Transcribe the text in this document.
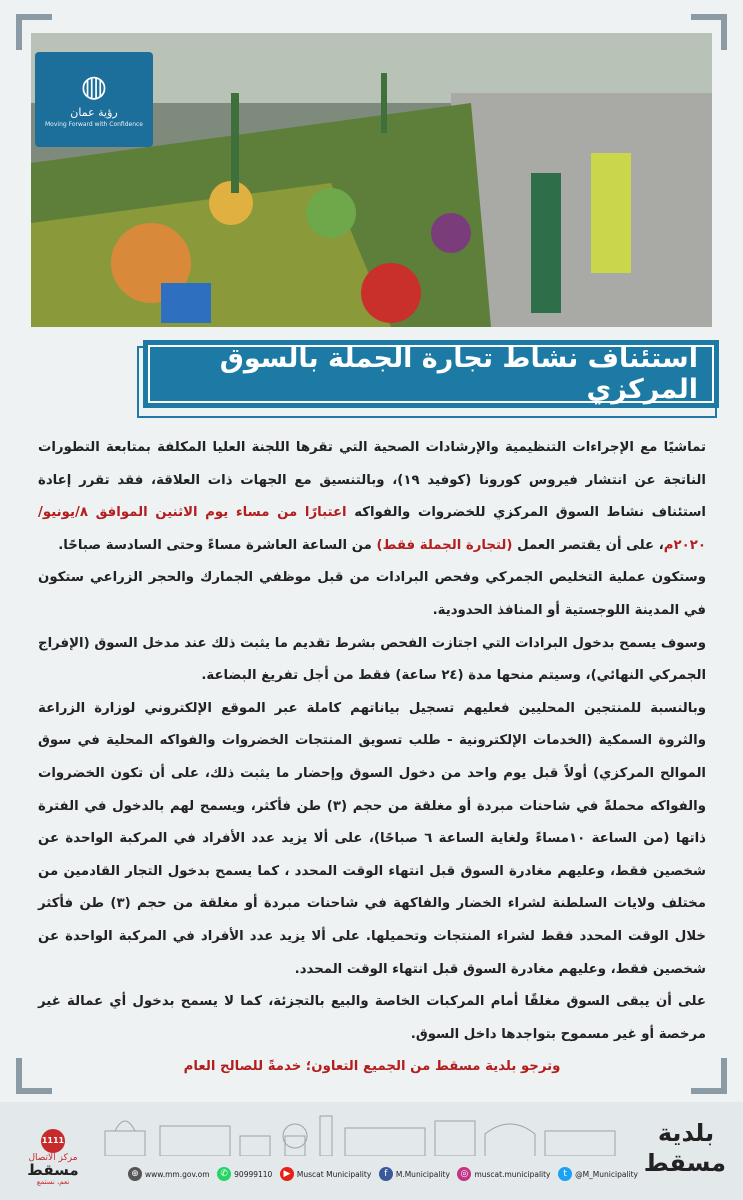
◍
رؤية عمان
Moving Forward with Confidence
استئناف نشاط تجارة الجملة بالسوق المركزي

تماشيًا مع الإجراءات التنظيمية والإرشادات الصحية التي تقرها اللجنة العليا المكلفة بمتابعة التطورات الناتجة عن انتشار فيروس كورونا (كوفيد ١٩)، وبالتنسيق مع الجهات ذات العلاقة، فقد تقرر إعادة استئناف نشاط السوق المركزي للخضروات والفواكه اعتبارًا من مساء يوم الاثنين الموافق ٨/يونيو/٢٠٢٠م، على أن يقتصر العمل (لتجارة الجملة فقط) من الساعة العاشرة مساءً وحتى السادسة صباحًا.

وستكون عملية التخليص الجمركي وفحص البرادات من قبل موظفي الجمارك والحجر الزراعي ستكون في المدينة اللوجستية أو المنافذ الحدودية.

وسوف يسمح بدخول البرادات التي اجتازت الفحص بشرط تقديم ما يثبت ذلك عند مدخل السوق (الإفراج الجمركي النهائي)، وسيتم منحها مدة (٢٤ ساعة) فقط من أجل تفريغ البضاعة.

وبالنسبة للمنتجين المحليين فعليهم تسجيل بياناتهم كاملة عبر الموقع الإلكتروني لوزارة الزراعة والثروة السمكية (الخدمات الإلكترونية - طلب تسويق المنتجات الخضروات والفواكه المحلية في سوق الموالح المركزي) أولاً قبل يوم واحد من دخول السوق وإحضار ما يثبت ذلك، على أن تكون الخضروات والفواكه محملةً في شاحنات مبردة أو مغلقة من حجم (٣) طن فأكثر، ويسمح لهم بالدخول في الفترة ذاتها (من الساعة ١٠مساءً ولغاية الساعة ٦ صباحًا)، على ألا يزيد عدد الأفراد في المركبة الواحدة عن شخصين فقط، وعليهم مغادرة السوق قبل انتهاء الوقت المحدد ، كما يسمح بدخول التجار القادمين من مختلف ولايات السلطنة لشراء الخضار والفاكهة في شاحنات مبردة أو مغلقة من حجم (٣) طن فأكثر خلال الوقت المحدد فقط لشراء المنتجات وتحميلها. على ألا يزيد عدد الأفراد في المركبة الواحدة عن شخصين فقط، وعليهم مغادرة السوق قبل انتهاء الوقت المحدد.

على أن يبقى السوق مغلقًا أمام المركبات الخاصة والبيع بالتجزئة، كما لا يسمح بدخول أي عمالة غير مرخصة أو غير مسموح بتواجدها داخل السوق.

وترجو بلدية مسقط من الجميع التعاون؛ خدمةً للصالح العام

⊕ www.mm.gov.om	✆ 90999110	▶ Muscat Municipality	f	M.Municipality	◎ muscat.municipality	t	@M_Municipality
1111
مركز الاتصال
مسقط
نعم، نستمع
بلدية مسقط
